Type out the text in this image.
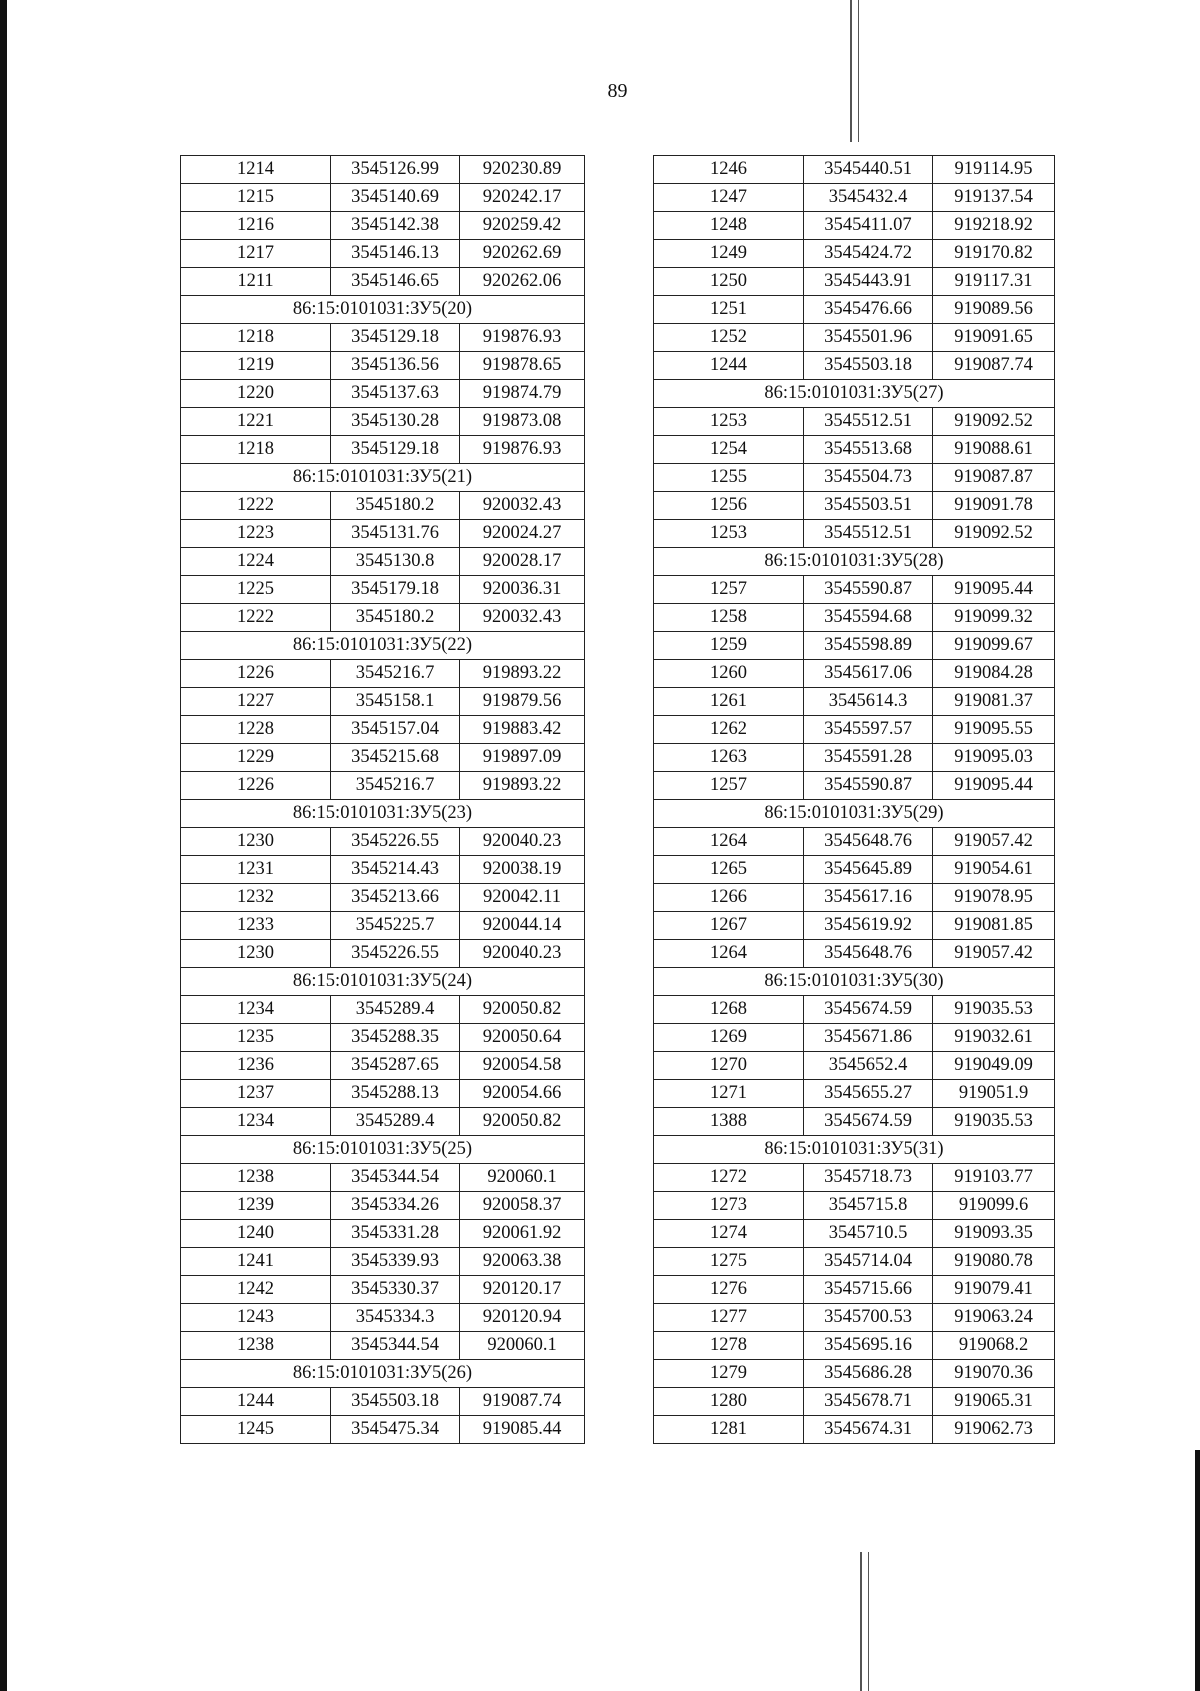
89
1214	3545126.99	920230.89
1215	3545140.69	920242.17
1216	3545142.38	920259.42
1217	3545146.13	920262.69
1211	3545146.65	920262.06
86:15:0101031:ЗУ5(20)		
1218	3545129.18	919876.93
1219	3545136.56	919878.65
1220	3545137.63	919874.79
1221	3545130.28	919873.08
1218	3545129.18	919876.93
86:15:0101031:ЗУ5(21)		
1222	3545180.2	920032.43
1223	3545131.76	920024.27
1224	3545130.8	920028.17
1225	3545179.18	920036.31
1222	3545180.2	920032.43
86:15:0101031:ЗУ5(22)		
1226	3545216.7	919893.22
1227	3545158.1	919879.56
1228	3545157.04	919883.42
1229	3545215.68	919897.09
1226	3545216.7	919893.22
86:15:0101031:ЗУ5(23)		
1230	3545226.55	920040.23
1231	3545214.43	920038.19
1232	3545213.66	920042.11
1233	3545225.7	920044.14
1230	3545226.55	920040.23
86:15:0101031:ЗУ5(24)		
1234	3545289.4	920050.82
1235	3545288.35	920050.64
1236	3545287.65	920054.58
1237	3545288.13	920054.66
1234	3545289.4	920050.82
86:15:0101031:ЗУ5(25)		
1238	3545344.54	920060.1
1239	3545334.26	920058.37
1240	3545331.28	920061.92
1241	3545339.93	920063.38
1242	3545330.37	920120.17
1243	3545334.3	920120.94
1238	3545344.54	920060.1
86:15:0101031:ЗУ5(26)		
1244	3545503.18	919087.74
1245	3545475.34	919085.44
1246	3545440.51	919114.95
1247	3545432.4	919137.54
1248	3545411.07	919218.92
1249	3545424.72	919170.82
1250	3545443.91	919117.31
1251	3545476.66	919089.56
1252	3545501.96	919091.65
1244	3545503.18	919087.74
86:15:0101031:ЗУ5(27)		
1253	3545512.51	919092.52
1254	3545513.68	919088.61
1255	3545504.73	919087.87
1256	3545503.51	919091.78
1253	3545512.51	919092.52
86:15:0101031:ЗУ5(28)		
1257	3545590.87	919095.44
1258	3545594.68	919099.32
1259	3545598.89	919099.67
1260	3545617.06	919084.28
1261	3545614.3	919081.37
1262	3545597.57	919095.55
1263	3545591.28	919095.03
1257	3545590.87	919095.44
86:15:0101031:ЗУ5(29)		
1264	3545648.76	919057.42
1265	3545645.89	919054.61
1266	3545617.16	919078.95
1267	3545619.92	919081.85
1264	3545648.76	919057.42
86:15:0101031:ЗУ5(30)		
1268	3545674.59	919035.53
1269	3545671.86	919032.61
1270	3545652.4	919049.09
1271	3545655.27	919051.9
1388	3545674.59	919035.53
86:15:0101031:ЗУ5(31)		
1272	3545718.73	919103.77
1273	3545715.8	919099.6
1274	3545710.5	919093.35
1275	3545714.04	919080.78
1276	3545715.66	919079.41
1277	3545700.53	919063.24
1278	3545695.16	919068.2
1279	3545686.28	919070.36
1280	3545678.71	919065.31
1281	3545674.31	919062.73
